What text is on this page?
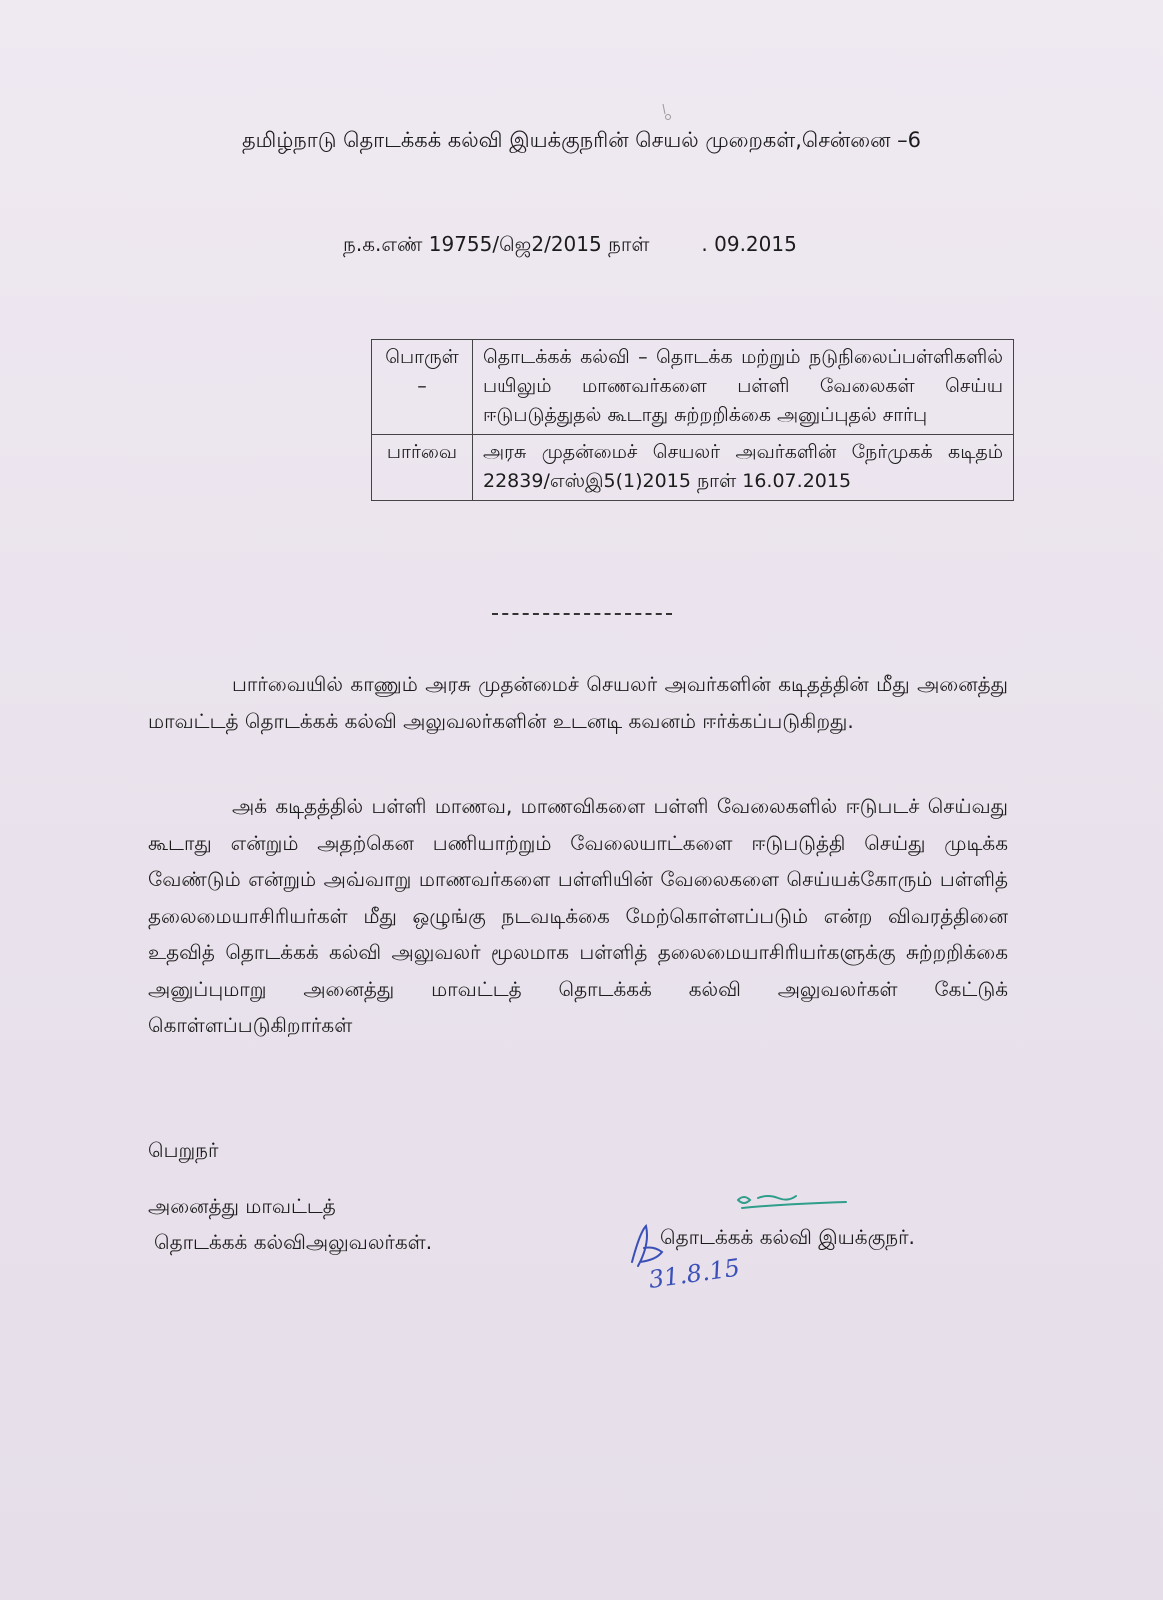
தமிழ்நாடு தொடக்கக் கல்வி இயக்குநரின் செயல் முறைகள்,சென்னை –6
ந.க.எண் 19755/ஜெ2/2015 நாள்	. 09.2015
பொருள் –	தொடக்கக் கல்வி – தொடக்க மற்றும் நடுநிலைப்பள்ளிகளில் பயிலும் மாணவர்களை பள்ளி வேலைகள் செய்ய ஈடுபடுத்துதல் கூடாது சுற்றறிக்கை அனுப்புதல் சார்பு
பார்வை	அரசு முதன்மைச் செயலர் அவர்களின் நேர்முகக் கடிதம் 22839/எஸ்இ5(1)2015 நாள் 16.07.2015
பார்வையில் காணும் அரசு முதன்மைச் செயலர் அவர்களின் கடிதத்தின் மீது அனைத்து மாவட்டத் தொடக்கக் கல்வி அலுவலர்களின் உடனடி கவனம் ஈர்க்கப்படுகிறது.
அக் கடிதத்தில் பள்ளி மாணவ, மாணவிகளை பள்ளி வேலைகளில் ஈடுபடச் செய்வது கூடாது என்றும் அதற்கென பணியாற்றும் வேலையாட்களை ஈடுபடுத்தி செய்து முடிக்க வேண்டும் என்றும் அவ்வாறு மாணவர்களை பள்ளியின் வேலைகளை செய்யக்கோரும் பள்ளித் தலைமையாசிரியர்கள் மீது ஒழுங்கு நடவடிக்கை மேற்கொள்ளப்படும் என்ற விவரத்தினை உதவித் தொடக்கக் கல்வி அலுவலர் மூலமாக பள்ளித் தலைமையாசிரியர்களுக்கு சுற்றறிக்கை அனுப்புமாறு அனைத்து மாவட்டத் தொடக்கக் கல்வி அலுவலர்கள் கேட்டுக் கொள்ளப்படுகிறார்கள்
பெறுநர்
அனைத்து மாவட்டத்
தொடக்கக் கல்விஅலுவலர்கள்.	தொடக்கக் கல்வி இயக்குநர்.
31.8.15
